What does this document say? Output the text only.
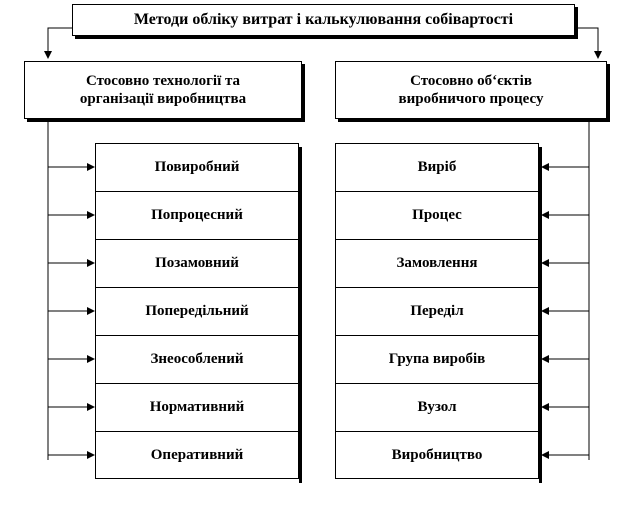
Методи обліку витрат і калькулювання собівартості
Стосовно технології та
організації виробництва
Стосовно об‘єктів
виробничого процесу
Повиробний
Попроцесний
Позамовний
Попередільний
Знеособлений
Нормативний
Оперативний
Виріб
Процес
Замовлення
Переділ
Група виробів
Вузол
Виробництво
